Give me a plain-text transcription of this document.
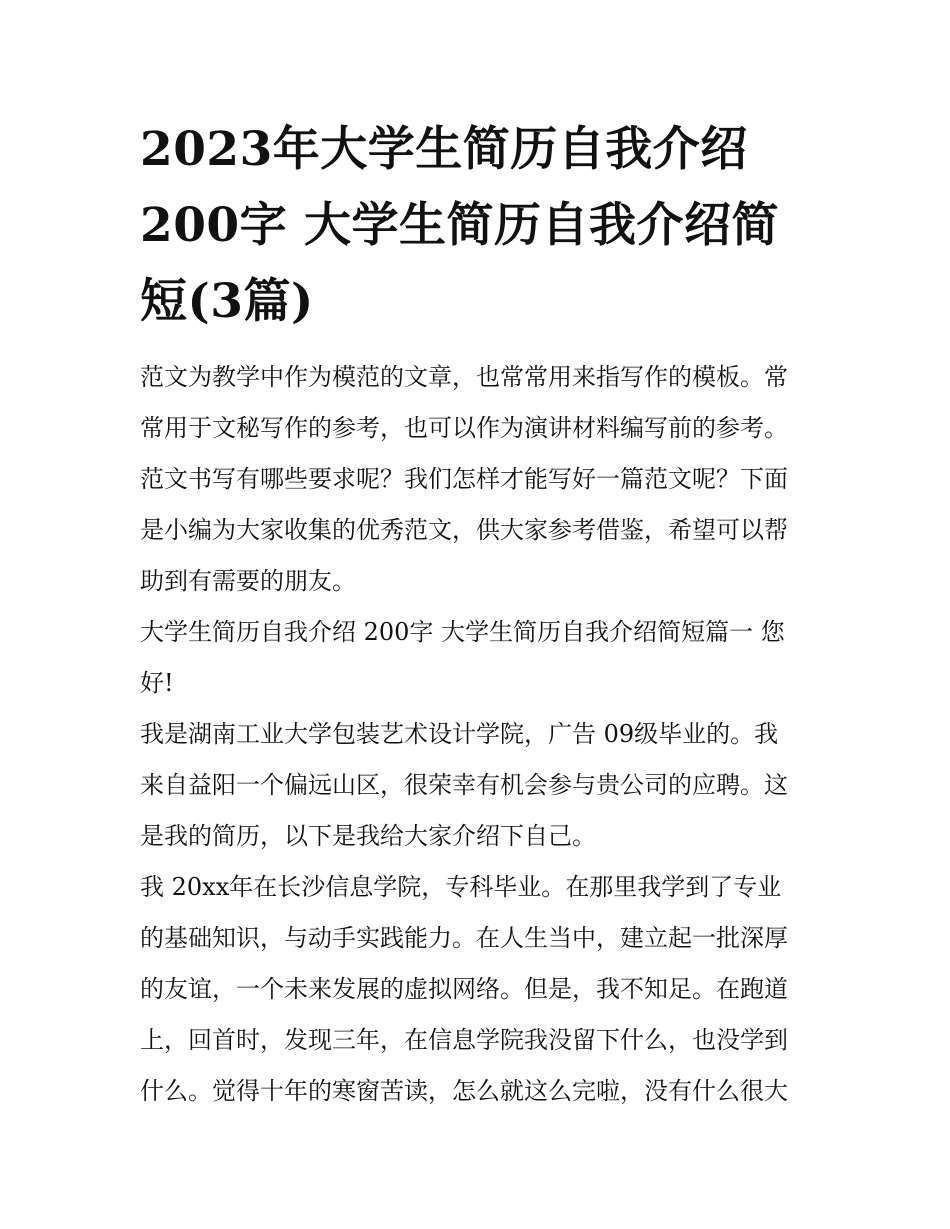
2023年大学生简历自我介绍
200字 大学生简历自我介绍简
短(3篇)
范文为教学中作为模范的文章，也常常用来指写作的模板。常
常用于文秘写作的参考，也可以作为演讲材料编写前的参考。
范文书写有哪些要求呢？我们怎样才能写好一篇范文呢？下面
是小编为大家收集的优秀范文，供大家参考借鉴，希望可以帮
助到有需要的朋友。
大学生简历自我介绍 200字 大学生简历自我介绍简短篇一 您
好!
我是湖南工业大学包装艺术设计学院，广告 09级毕业的。我
来自益阳一个偏远山区，很荣幸有机会参与贵公司的应聘。这
是我的简历，以下是我给大家介绍下自己。
我 20xx年在长沙信息学院，专科毕业。在那里我学到了专业
的基础知识，与动手实践能力。在人生当中，建立起一批深厚
的友谊，一个未来发展的虚拟网络。但是，我不知足。在跑道
上，回首时，发现三年，在信息学院我没留下什么，也没学到
什么。觉得十年的寒窗苦读，怎么就这么完啦，没有什么很大
